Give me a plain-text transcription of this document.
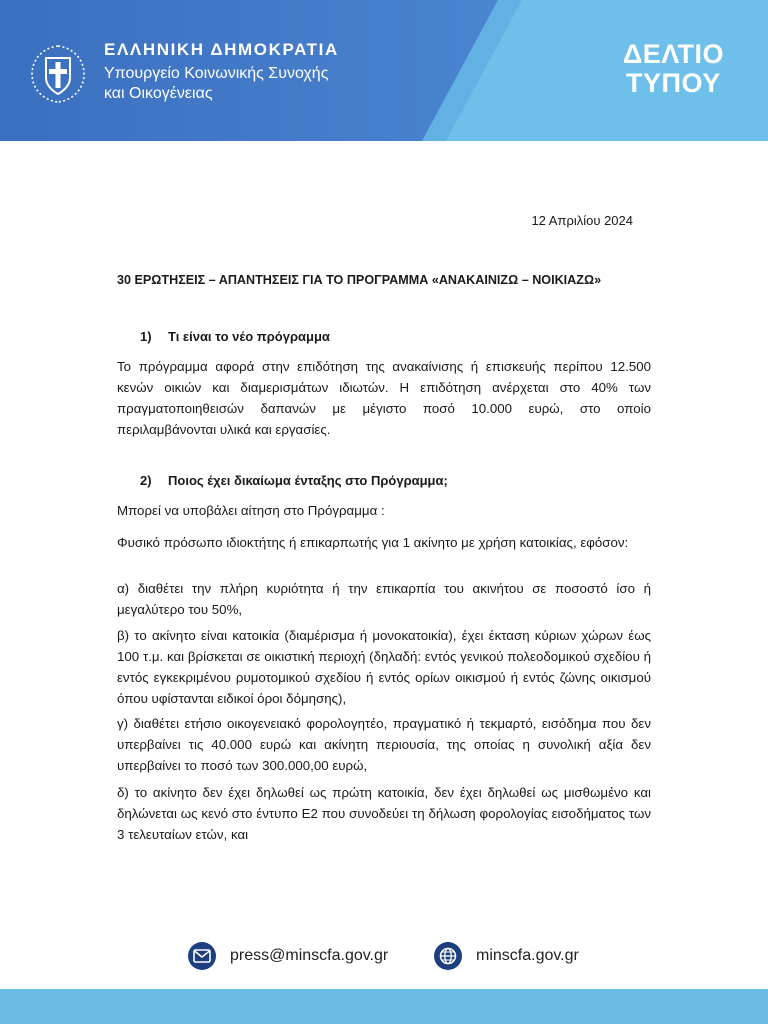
ΕΛΛΗΝΙΚΗ ΔΗΜΟΚΡΑΤΙΑ
Υπουργείο Κοινωνικής Συνοχής
και Οικογένειας
ΔΕΛΤΙΟ
ΤΥΠΟΥ
12 Απριλίου 2024
30 ΕΡΩΤΗΣΕΙΣ – ΑΠΑΝΤΗΣΕΙΣ ΓΙΑ ΤΟ ΠΡΟΓΡΑΜΜΑ «ΑΝΑΚΑΙΝΙΖΩ – ΝΟΙΚΙΑΖΩ»
1) Τι είναι το νέο πρόγραμμα

Το πρόγραμμα αφορά στην επιδότηση της ανακαίνισης ή επισκευής περίπου 12.500 κενών οικιών και διαμερισμάτων ιδιωτών. Η επιδότηση ανέρχεται στο 40% των πραγματοποιηθεισών δαπανών με μέγιστο ποσό 10.000 ευρώ, στο οποίο περιλαμβάνονται υλικά και εργασίες.

2) Ποιος έχει δικαίωμα ένταξης στο Πρόγραμμα;

Μπορεί να υποβάλει αίτηση στο Πρόγραμμα :

Φυσικό πρόσωπο ιδιοκτήτης ή επικαρπωτής για 1 ακίνητο με χρήση κατοικίας, εφόσον:

α) διαθέτει την πλήρη κυριότητα ή την επικαρπία του ακινήτου σε ποσοστό ίσο ή μεγαλύτερο του 50%,

β) το ακίνητο είναι κατοικία (διαμέρισμα ή μονοκατοικία), έχει έκταση κύριων χώρων έως 100 τ.μ. και βρίσκεται σε οικιστική περιοχή (δηλαδή: εντός γενικού πολεοδομικού σχεδίου ή εντός εγκεκριμένου ρυμοτομικού σχεδίου ή εντός ορίων οικισμού ή εντός ζώνης οικισμού όπου υφίστανται ειδικοί όροι δόμησης),

γ) διαθέτει ετήσιο οικογενειακό φορολογητέο, πραγματικό ή τεκμαρτό, εισόδημα που δεν υπερβαίνει τις 40.000 ευρώ και ακίνητη περιουσία, της οποίας η συνολική αξία δεν υπερβαίνει το ποσό των 300.000,00 ευρώ,

δ) το ακίνητο δεν έχει δηλωθεί ως πρώτη κατοικία, δεν έχει δηλωθεί ως μισθωμένο και δηλώνεται ως κενό στο έντυπο Ε2 που συνοδεύει τη δήλωση φορολογίας εισοδήματος των 3 τελευταίων ετών, και

press@minscfa.gov.gr	minscfa.gov.gr
